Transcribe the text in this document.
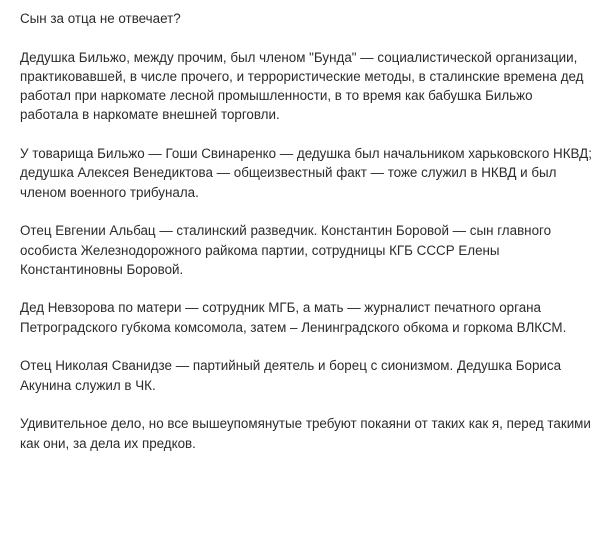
Сын за отца не отвечает?

Дедушка Бильжо, между прочим, был членом "Бунда" — социалистической организации, практиковавшей, в числе прочего, и террористические методы, в сталинские времена дед работал при наркомате лесной промышленности, в то время как бабушка Бильжо работала в наркомате внешней торговли.

У товарища Бильжо — Гоши Свинаренко — дедушка был начальником харьковского НКВД; дедушка Алексея Венедиктова — общеизвестный факт — тоже служил в НКВД и был членом военного трибунала.

Отец Евгении Альбац — сталинский разведчик. Константин Боровой — сын главного особиста Железнодорожного райкома партии, сотрудницы КГБ СССР Елены Константиновны Боровой.

Дед Невзорова по матери — сотрудник МГБ, а мать — журналист печатного органа Петроградского губкома комсомола, затем – Ленинградского обкома и горкома ВЛКСМ.

Отец Николая Сванидзе — партийный деятель и борец с сионизмом. Дедушка Бориса Акунина служил в ЧК.

Удивительное дело, но все вышеупомянутые требуют покаяни от таких как я, перед такими как они, за дела их предков.
